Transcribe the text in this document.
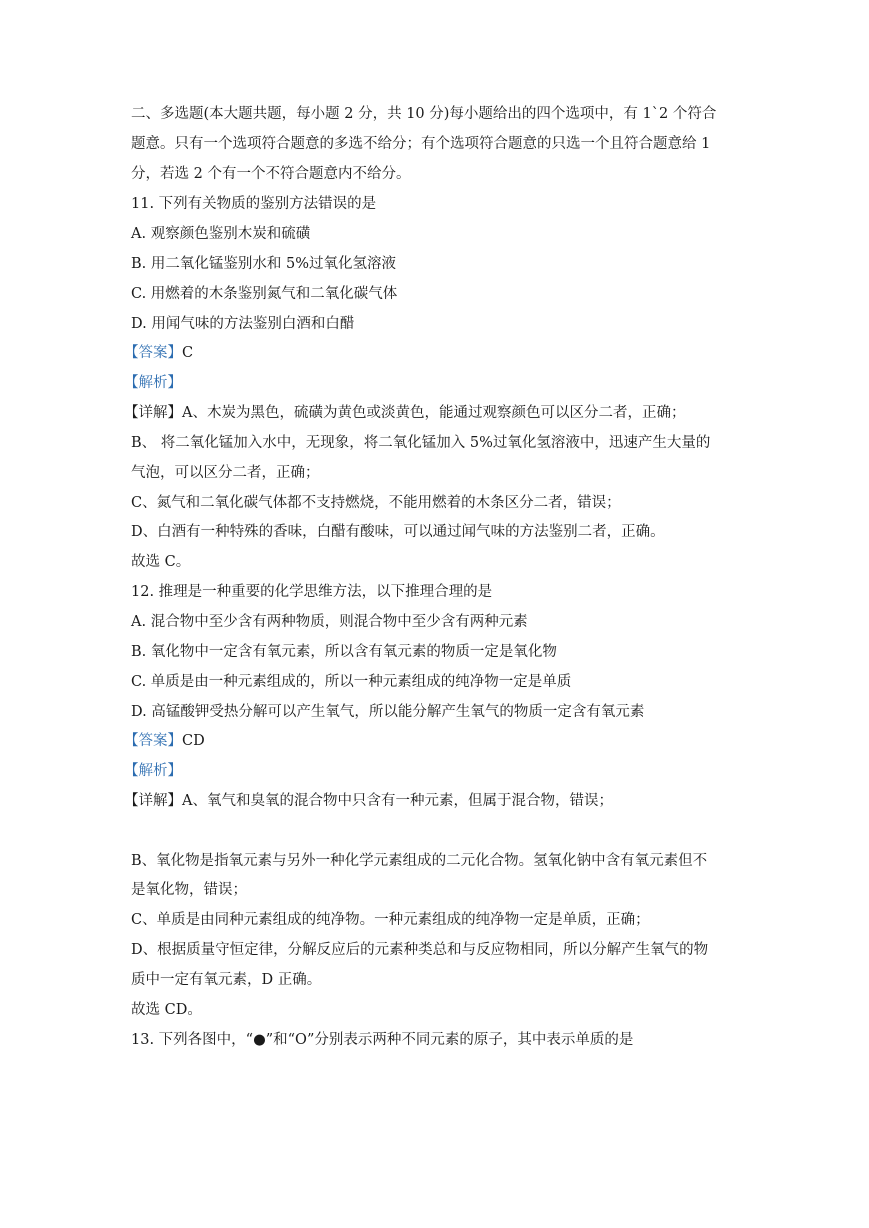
二、多选题(本大题共题，每小题 2 分，共 10 分)每小题给出的四个选项中，有 1`2 个符合
题意。只有一个选项符合题意的多选不给分；有个选项符合题意的只选一个且符合题意给 1
分，若选 2 个有一个不符合题意内不给分。
11. 下列有关物质的鉴别方法错误的是
A. 观察颜色鉴别木炭和硫磺
B. 用二氧化锰鉴别水和 5%过氧化氢溶液
C. 用燃着的木条鉴别氮气和二氧化碳气体
D. 用闻气味的方法鉴别白酒和白醋
【答案】C
【解析】
【详解】A、木炭为黑色，硫磺为黄色或淡黄色，能通过观察颜色可以区分二者，正确；
B、 将二氧化锰加入水中，无现象，将二氧化锰加入 5%过氧化氢溶液中，迅速产生大量的
气泡，可以区分二者，正确；
C、氮气和二氧化碳气体都不支持燃烧，不能用燃着的木条区分二者，错误；
D、白酒有一种特殊的香味，白醋有酸味，可以通过闻气味的方法鉴别二者，正确。
故选 C。
12. 推理是一种重要的化学思维方法，以下推理合理的是
A. 混合物中至少含有两种物质，则混合物中至少含有两种元素
B. 氧化物中一定含有氧元素，所以含有氧元素的物质一定是氧化物
C. 单质是由一种元素组成的，所以一种元素组成的纯净物一定是单质
D. 高锰酸钾受热分解可以产生氧气，所以能分解产生氧气的物质一定含有氧元素
【答案】CD
【解析】
【详解】A、氧气和臭氧的混合物中只含有一种元素，但属于混合物，错误；
B、氧化物是指氧元素与另外一种化学元素组成的二元化合物。氢氧化钠中含有氧元素但不
是氧化物，错误；
C、单质是由同种元素组成的纯净物。一种元素组成的纯净物一定是单质，正确；
D、根据质量守恒定律，分解反应后的元素种类总和与反应物相同，所以分解产生氧气的物
质中一定有氧元素，D 正确。
故选 CD。
13. 下列各图中，“●”和“O”分别表示两种不同元素的原子，其中表示单质的是
